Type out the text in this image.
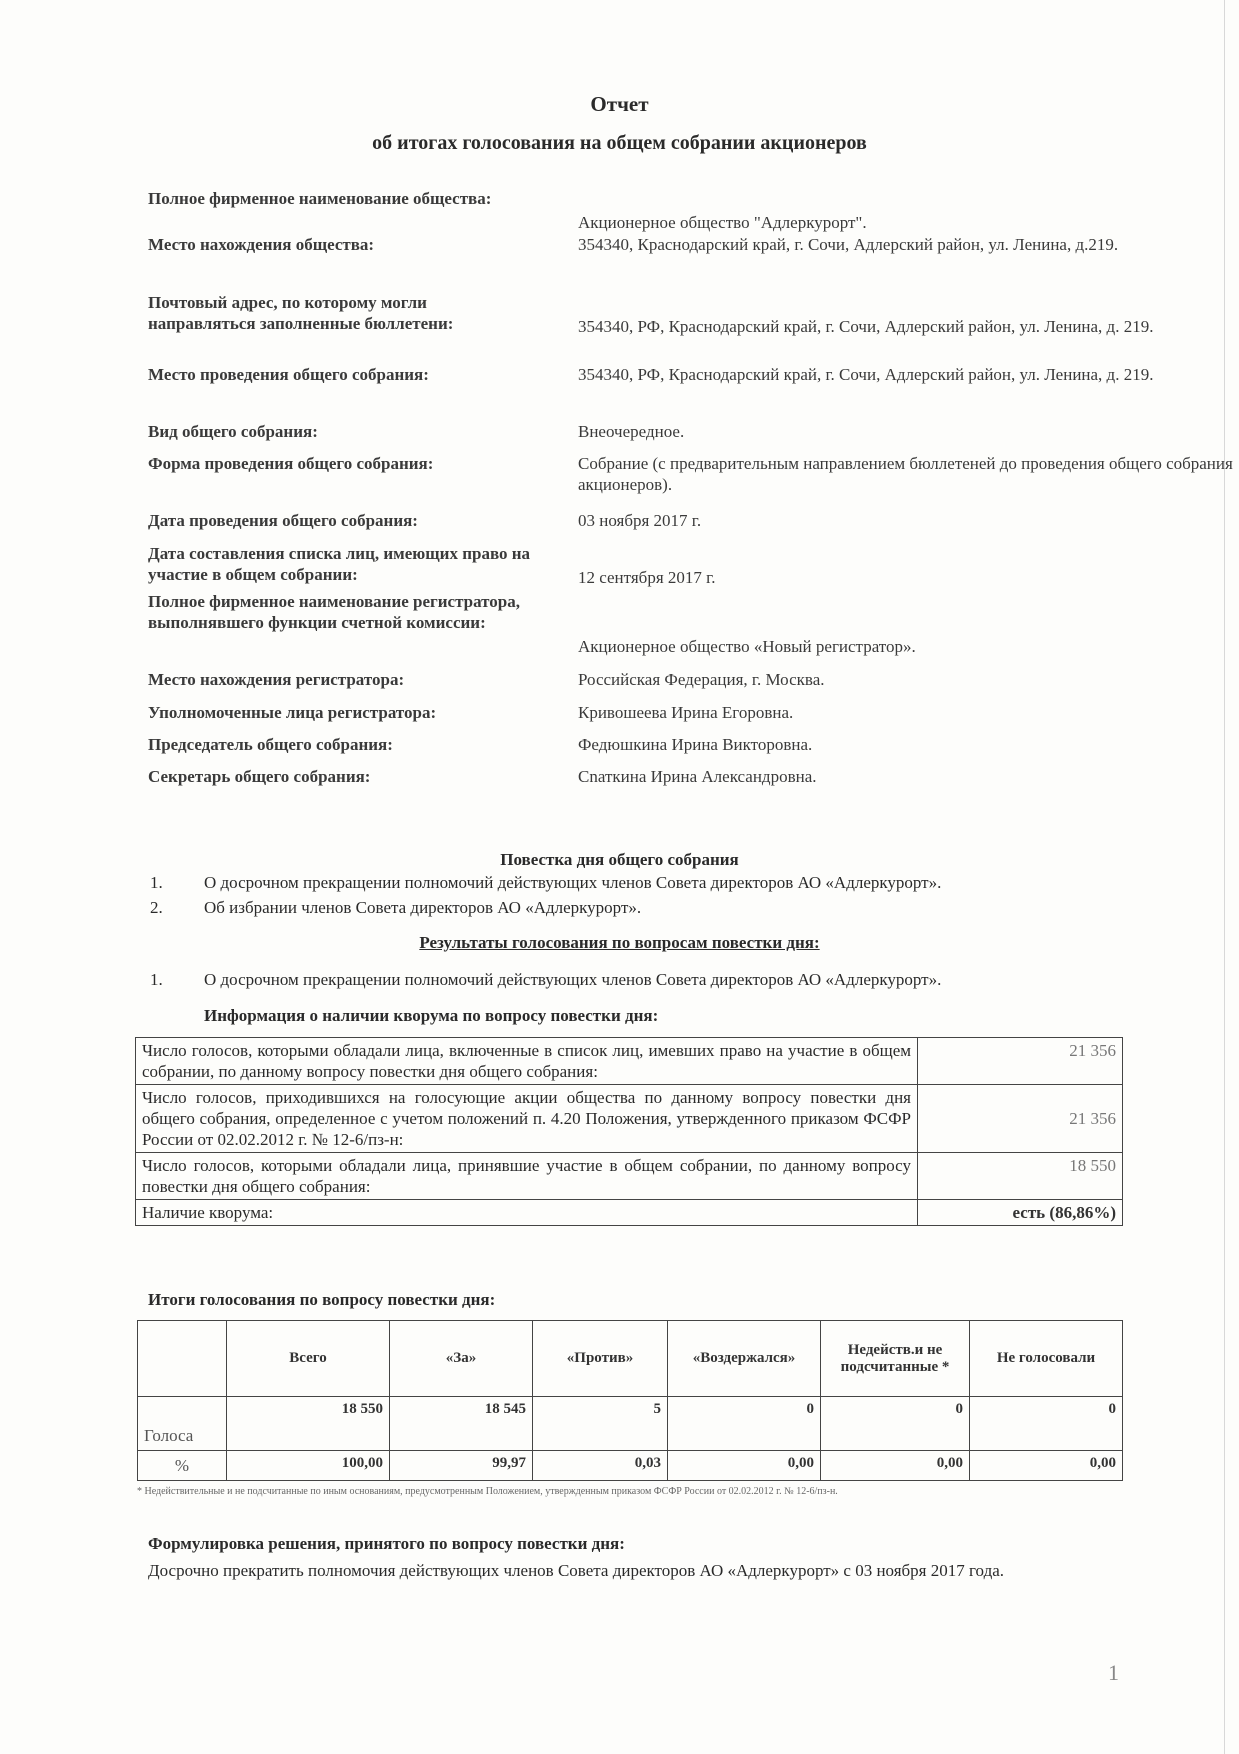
Отчет
об итогах голосования на общем собрании акционеров
Полное фирменное наименование общества:
Акционерное общество "Адлеркурорт".
Место нахождения общества:	354340, Краснодарский край, г. Сочи, Адлерский район, ул. Ленина, д.219.
Почтовый адрес, по которому могли направляться заполненные бюллетени:	354340, РФ, Краснодарский край, г. Сочи, Адлерский район, ул. Ленина, д. 219.
Место проведения общего собрания:	354340, РФ, Краснодарский край, г. Сочи, Адлерский район, ул. Ленина, д. 219.
Вид общего собрания:	Внеочередное.
Форма проведения общего собрания:	Собрание (с предварительным направлением бюллетеней до проведения общего собрания акционеров).
Дата проведения общего собрания:	03 ноября 2017 г.
Дата составления списка лиц, имеющих право на участие в общем собрании:	12 сентября 2017 г.
Полное фирменное наименование регистратора, выполнявшего функции счетной комиссии:
Акционерное общество «Новый регистратор».
Место нахождения регистратора:	Российская Федерация, г. Москва.
Уполномоченные лица регистратора:	Кривошеева Ирина Егоровна.
Председатель общего собрания:	Федюшкина Ирина Викторовна.
Секретарь общего собрания:	Сnаткина Ирина Александровна.
Повестка дня общего собрания
1. О досрочном прекращении полномочий действующих членов Совета директоров АО «Адлеркурорт».
2. Об избрании членов Совета директоров АО «Адлеркурорт».
Результаты голосования по вопросам повестки дня:
1. О досрочном прекращении полномочий действующих членов Совета директоров АО «Адлеркурорт».
Информация о наличии кворума по вопросу повестки дня:
Число голосов, которыми обладали лица, включенные в список лиц, имевших право на участие в общем собрании, по данному вопросу повестки дня общего собрания:	21 356
Число голосов, приходившихся на голосующие акции общества по данному вопросу повестки дня общего собрания, определенное с учетом положений п. 4.20 Положения, утвержденного приказом ФСФР России от 02.02.2012 г. № 12-6/пз-н:	21 356
Число голосов, которыми обладали лица, принявшие участие в общем собрании, по данному вопросу повестки дня общего собрания:	18 550
Наличие кворума:	есть (86,86%)
Итоги голосования по вопросу повестки дня:
	Всего	«За»	«Против»	«Воздержался»	Недейств.и не подсчитанные *	Не голосовали
Голоса	18 550	18 545	5	0	0	0
%	100,00	99,97	0,03	0,00	0,00	0,00
* Недействительные и не подсчитанные по иным основаниям, предусмотренным Положением, утвержденным приказом ФСФР России от 02.02.2012 г. № 12-6/пз-н.
Формулировка решения, принятого по вопросу повестки дня:
Досрочно прекратить полномочия действующих членов Совета директоров АО «Адлеркурорт» с 03 ноября 2017 года.
1
